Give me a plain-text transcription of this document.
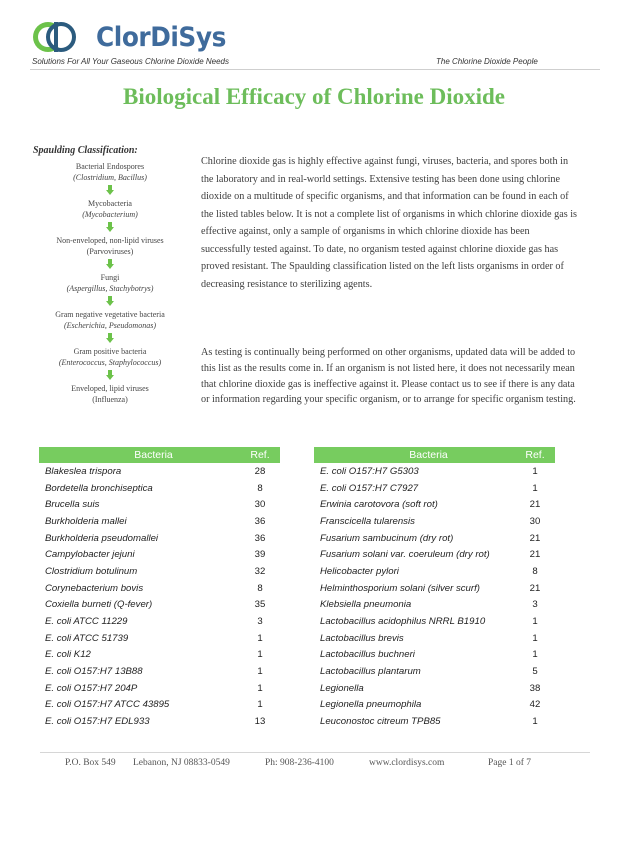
ClorDiSys
Solutions For All Your Gaseous Chlorine Dioxide Needs	The Chlorine Dioxide People
Biological Efficacy of Chlorine Dioxide
Spaulding Classification:
Bacterial Endospores
(Clostridium, Bacillus)
Mycobacteria
(Mycobacterium)
Non-enveloped, non-lipid viruses
(Parvoviruses)
Fungi
(Aspergillus, Stachybotrys)
Gram negative vegetative bacteria
(Escherichia, Pseudomonas)
Gram positive bacteria
(Enterococcus, Staphylococcus)
Enveloped, lipid viruses
(Influenza)

Chlorine dioxide gas is highly effective against fungi, viruses, bacteria, and spores both in the laboratory and in real-world settings. Extensive testing has been done using chlorine dioxide on a multitude of specific organisms, and that information can be found in each of the listed tables below. It is not a complete list of organisms in which chlorine dioxide gas is effective against, only a sample of organisms in which chlorine dioxide has been successfully tested against. To date, no organism tested against chlorine dioxide gas has proved resistant. The Spaulding classification listed on the left lists organisms in order of decreasing resistance to sterilizing agents.

As testing is continually being performed on other organisms, updated data will be added to this list as the results come in. If an organism is not listed here, it does not necessarily mean that chlorine dioxide gas is ineffective against it. Please contact us to see if there is any data or information regarding your specific organism, or to arrange for specific organism testing.

Bacteria	Ref.
Blakeslea trispora	28
Bordetella bronchiseptica	8
Brucella suis	30
Burkholderia mallei	36
Burkholderia pseudomallei	36
Campylobacter jejuni	39
Clostridium botulinum	32
Corynebacterium bovis	8
Coxiella burneti (Q-fever)	35
E. coli ATCC 11229	3
E. coli ATCC 51739	1
E. coli K12	1
E. coli O157:H7 13B88	1
E. coli O157:H7 204P	1
E. coli O157:H7 ATCC 43895	1
E. coli O157:H7 EDL933	13
Bacteria	Ref.
E. coli O157:H7 G5303	1
E. coli O157:H7 C7927	1
Erwinia carotovora (soft rot)	21
Franscicella tularensis	30
Fusarium sambucinum (dry rot)	21
Fusarium solani var. coeruleum (dry rot)	21
Helicobacter pylori	8
Helminthosporium solani (silver scurf)	21
Klebsiella pneumonia	3
Lactobacillus acidophilus NRRL B1910	1
Lactobacillus brevis	1
Lactobacillus buchneri	1
Lactobacillus plantarum	5
Legionella	38
Legionella pneumophila	42
Leuconostoc citreum TPB85	1
P.O. Box 549 Lebanon, NJ 08833-0549	Ph: 908-236-4100	www.clordisys.com	Page 1 of 7
